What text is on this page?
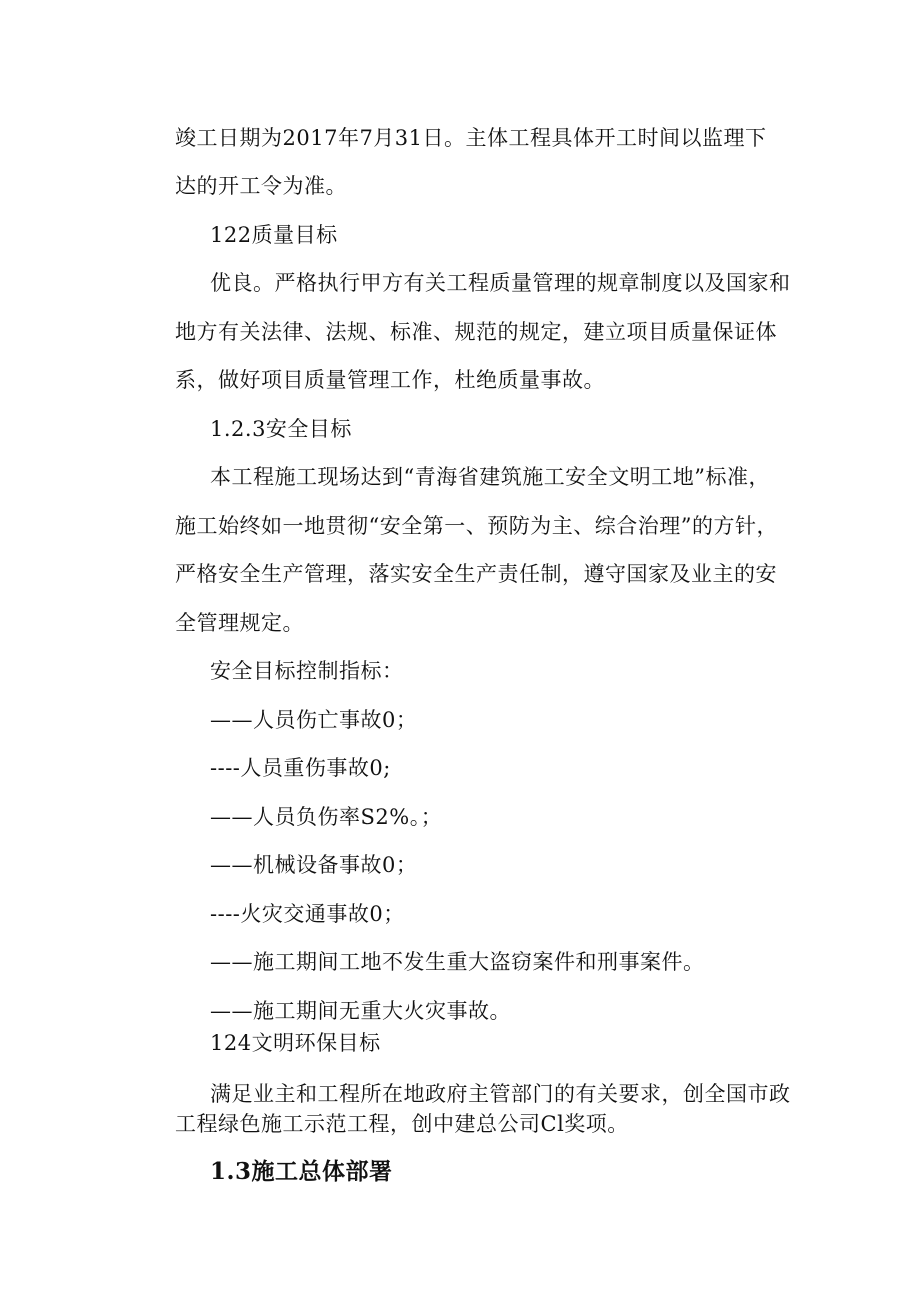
竣工日期为2017年7月31日。主体工程具体开工时间以监理下
达的开工令为准。
122质量目标
优良。严格执行甲方有关工程质量管理的规章制度以及国家和
地方有关法律、法规、标准、规范的规定，建立项目质量保证体
系，做好项目质量管理工作，杜绝质量事故。
1.2.3安全目标
本工程施工现场达到“青海省建筑施工安全文明工地”标准，
施工始终如一地贯彻“安全第一、预防为主、综合治理”的方针，
严格安全生产管理，落实安全生产责任制，遵守国家及业主的安
全管理规定。
安全目标控制指标：
——人员伤亡事故0；
----人员重伤事故0;
——人员负伤率S2%。；
——机械设备事故0；
----火灾交通事故0；
——施工期间工地不发生重大盗窃案件和刑事案件。
——施工期间无重大火灾事故。
124文明环保目标
满足业主和工程所在地政府主管部门的有关要求，创全国市政
工程绿色施工示范工程，创中建总公司Cl奖项。
1.3施工总体部署
